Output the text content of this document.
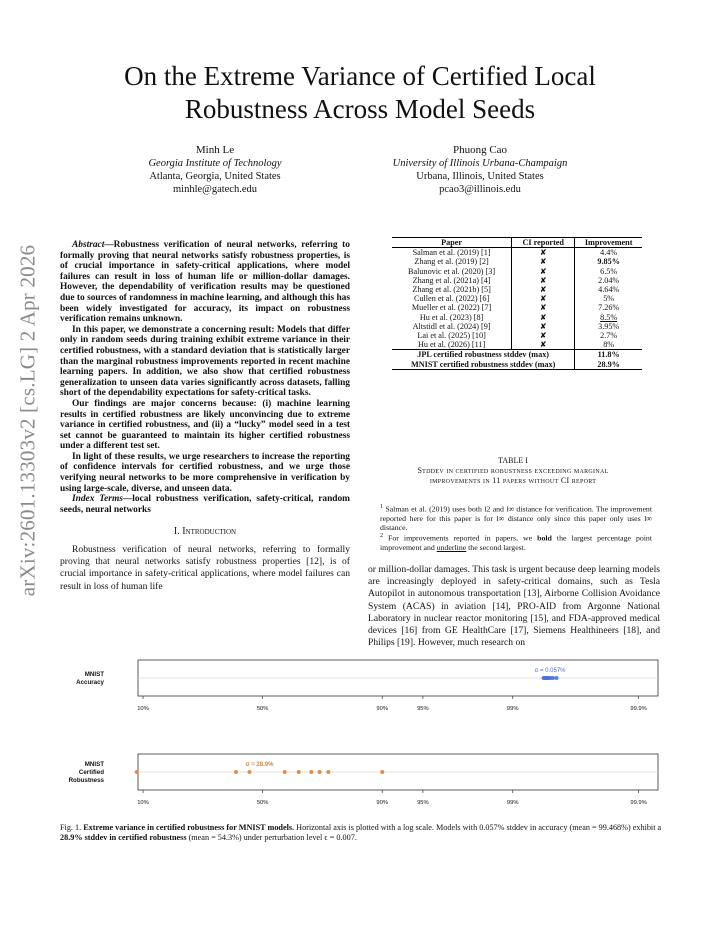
arXiv:2601.13303v2 [cs.LG] 2 Apr 2026
On the Extreme Variance of Certified Local
Robustness Across Model Seeds
Minh Le
Georgia Institute of Technology
Atlanta, Georgia, United States
minhle@gatech.edu
Phuong Cao
University of Illinois Urbana-Champaign
Urbana, Illinois, United States
pcao3@illinois.edu

Abstract—Robustness verification of neural networks, referring to formally proving that neural networks satisfy robustness properties, is of crucial importance in safety-critical applications, where model failures can result in loss of human life or million-dollar damages. However, the dependability of verification results may be questioned due to sources of randomness in machine learning, and although this has been widely investigated for accuracy, its impact on robustness verification remains unknown.

In this paper, we demonstrate a concerning result: Models that differ only in random seeds during training exhibit extreme variance in their certified robustness, with a standard deviation that is statistically larger than the marginal robustness improvements reported in recent machine learning papers. In addition, we also show that certified robustness generalization to unseen data varies significantly across datasets, falling short of the dependability expectations for safety-critical tasks.

Our findings are major concerns because: (i) machine learning results in certified robustness are likely unconvincing due to extreme variance in certified robustness, and (ii) a “lucky” model seed in a test set cannot be guaranteed to maintain its higher certified robustness under a different test set.

In light of these results, we urge researchers to increase the reporting of confidence intervals for certified robustness, and we urge those verifying neural networks to be more comprehensive in verification by using large-scale, diverse, and unseen data.

Index Terms—local robustness verification, safety-critical, random seeds, neural networks

I. Introduction

Robustness verification of neural networks, referring to formally proving that neural networks satisfy robustness properties [12], is of crucial importance in safety-critical applications, where model failures can result in loss of human life

Paper	CI reported	Improvement
Salman et al. (2019) [1]	✘	4.4%
Zhang et al. (2019) [2]	✘	9.85%
Balunovic et al. (2020) [3]	✘	6.5%
Zhang et al. (2021a) [4]	✘	2.04%
Zhang et al. (2021b) [5]	✘	4.64%
Cullen et al. (2022) [6]	✘	5%
Mueller et al. (2022) [7]	✘	7.26%
Hu et al. (2023) [8]	✘	8.5%
Altstidl et al. (2024) [9]	✘	3.95%
Lai et al. (2025) [10]	✘	2.7%
Hu et al. (2026) [11]	✘	8%
JPL certified robustness stddev (max)		11.8%
MNIST certified robustness stddev (max)		28.9%
TABLE I
Stddev in certified robustness exceeding marginal
improvements in 11 papers without CI report
$^1$ Salman et al. (2019) uses both l2 and l∞ distance for verification. The improvement reported here for this paper is for l∞ distance only since this paper only uses l∞ distance.
$^2$ For improvements reported in papers, we bold the largest percentage point improvement and underline the second largest.

or million-dollar damages. This task is urgent because deep learning models are increasingly deployed in safety-critical domains, such as Tesla Autopilot in autonomous transportation [13], Airborne Collision Avoidance System (ACAS) in aviation [14], PRO-AID from Argonne National Laboratory in nuclear reactor monitoring [15], and FDA-approved medical devices [16] from GE HealthCare [17], Siemens Healthineers [18], and Philips [19]. However, much research on

MNIST
Accuracy
10%	50%	90%	95%	99%	99.9%
σ = 0.057%
MNIST
Certified
Robustness
10%	50%	90%	95%	99%	99.9%
σ = 28.9%
Fig. 1. Extreme variance in certified robustness for MNIST models. Horizontal axis is plotted with a log scale. Models with 0.057% stddev in accuracy (mean = 99.468%) exhibit a 28.9% stddev in certified robustness (mean = 54.3%) under perturbation level ϵ = 0.007.
